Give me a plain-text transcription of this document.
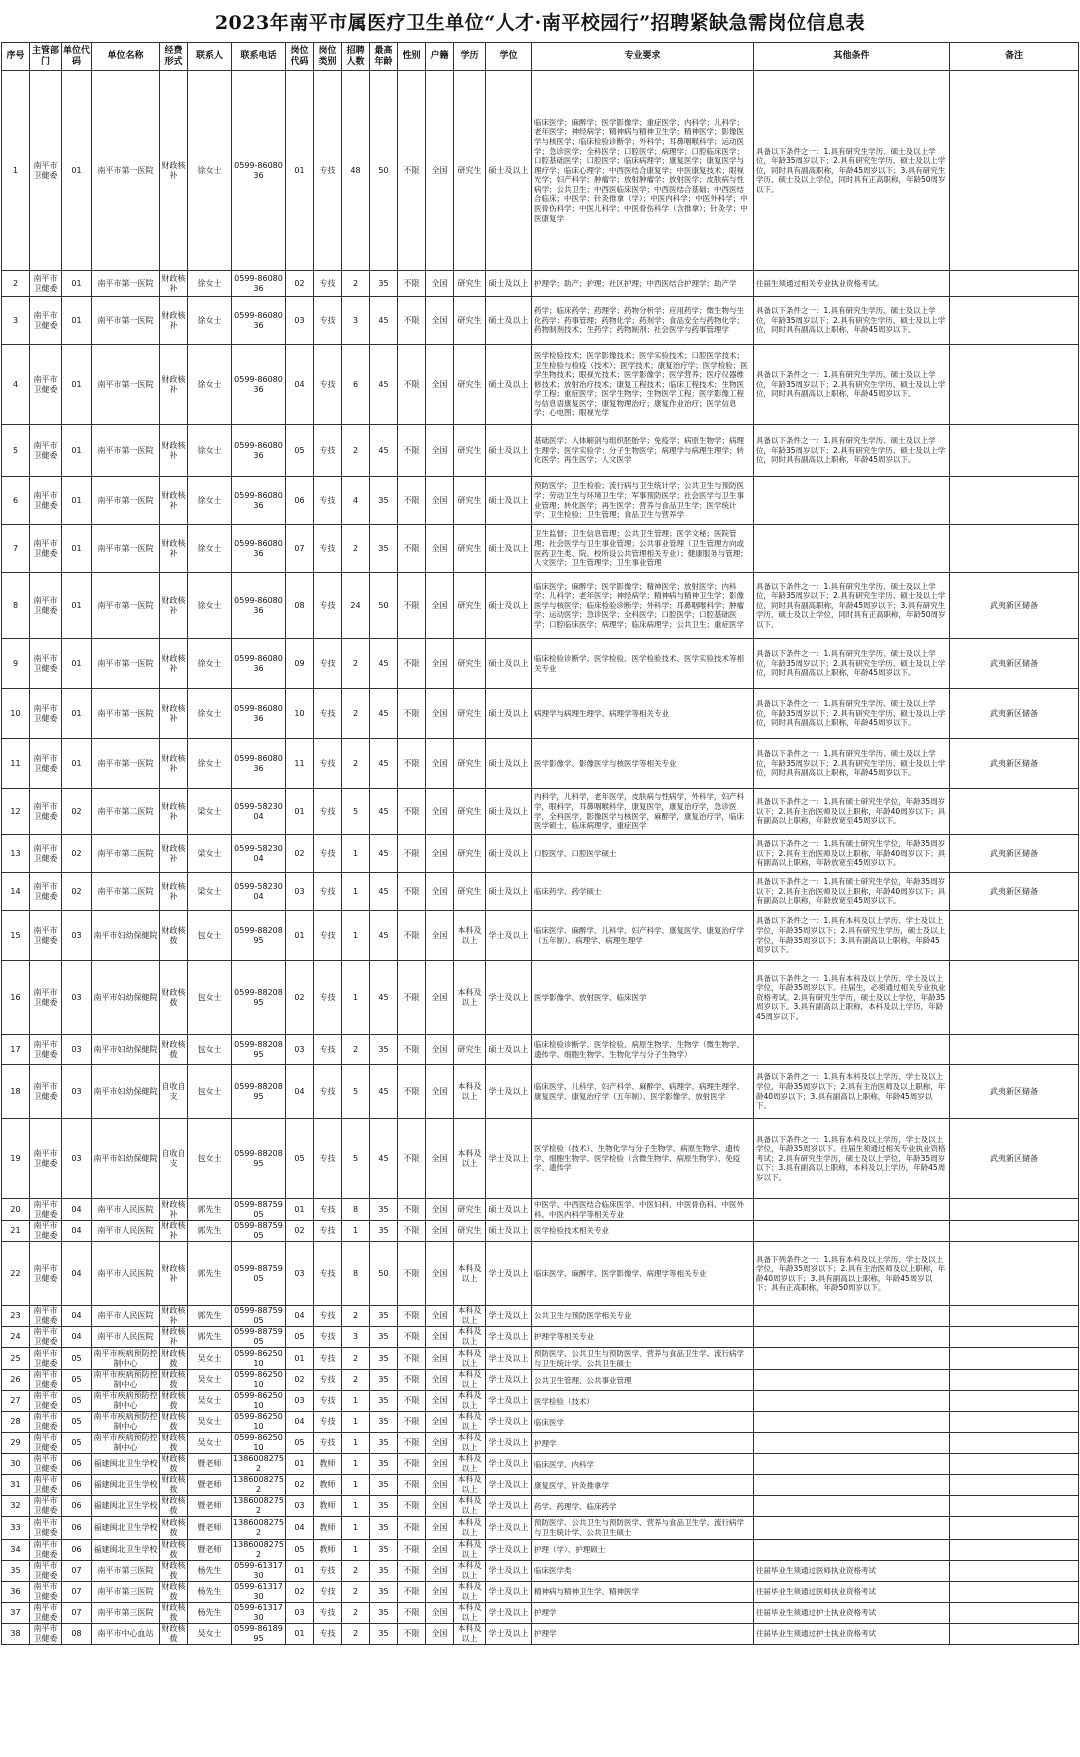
2023年南平市属医疗卫生单位“人才·南平校园行”招聘紧缺急需岗位信息表
序号	主管部门	单位代码	单位名称	经费形式	联系人	联系电话	岗位代码	岗位类别	招聘人数	最高年龄	性别	户籍	学历	学位	专业要求	其他条件	备注
1	南平市卫健委	01	南平市第一医院	财政核补	徐女士	0599-8608036	01	专技	48	50	不限	全国	研究生	硕士及以上	临床医学；麻醉学；医学影像学；重症医学；内科学；儿科学；老年医学；神经病学；精神病与精神卫生学；精神医学；影像医学与核医学；临床检验诊断学；外科学；耳鼻咽喉科学；运动医学；急诊医学；全科医学；口腔医学；病理学；口腔临床医学；口腔基础医学；口腔医学；临床病理学；康复医学；康复医学与理疗学；临床心理学；中西医结合康复学；中医康复技术；眼视光学；妇产科学；肿瘤学；放射肿瘤学；放射医学；皮肤病与性病学；公共卫生；中西医临床医学；中西医结合基础；中西医结合临床；中医学；针灸推拿（学）；中医内科学；中医外科学；中医骨伤科学；中医儿科学；中医骨伤科学（含推拿）；针灸学；中医康复学	具备以下条件之一：1.具有研究生学历、硕士及以上学位，年龄35周岁以下；2.具有研究生学历、硕士及以上学位，同时具有副高职称，年龄45周岁以下；3.具有研究生学历、硕士及以上学位，同时具有正高职称，年龄50周岁以下。	
2	南平市卫健委	01	南平市第一医院	财政核补	徐女士	0599-8608036	02	专技	2	35	不限	全国	研究生	硕士及以上	护理学；助产；护理；社区护理；中西医结合护理学；助产学	往届生须通过相关专业执业资格考试。	
3	南平市卫健委	01	南平市第一医院	财政核补	徐女士	0599-8608036	03	专技	3	45	不限	全国	研究生	硕士及以上	药学；临床药学；药理学；药物分析学；应用药学；微生物与生化药学；药事管理；药物化学；药剂学；食品安全与药物化学；药物制剂技术；生药学；药物制剂；社会医学与药事管理学	具备以下条件之一：1.具有研究生学历、硕士及以上学位，年龄35周岁以下；2.具有研究生学历、硕士及以上学位，同时具有副高以上职称，年龄45周岁以下。	
4	南平市卫健委	01	南平市第一医院	财政核补	徐女士	0599-8608036	04	专技	6	45	不限	全国	研究生	硕士及以上	医学检验技术；医学影像技术；医学实验技术；口腔医学技术；卫生检验与检疫（技术）；医学技术；康复治疗学；医学检验；医学生物技术；眼视光技术；医学影像学；医学营养；医疗仪器维修技术；放射治疗技术；康复工程技术；临床工程技术；生物医学工程；重症医学；医学生物学；生物医学工程；医学影像工程与信息语康复医学；康复物理治疗；康复作业治疗；医学信息学；心电图；眼视光学	具备以下条件之一：1.具有研究生学历、硕士及以上学位，年龄35周岁以下；2.具有研究生学历、硕士及以上学位，同时具有副高以上职称，年龄45周岁以下。	
5	南平市卫健委	01	南平市第一医院	财政核补	徐女士	0599-8608036	05	专技	2	45	不限	全国	研究生	硕士及以上	基础医学；人体解剖与组织胚胎学；免疫学；病原生物学；病理生理学；医学实验学；分子生物医学；病理学与病理生理学；转化医学；再生医学；人文医学	具备以下条件之一：1.具有研究生学历、硕士及以上学位，年龄35周岁以下；2.具有研究生学历、硕士及以上学位，同时具有副高以上职称，年龄45周岁以下。	
6	南平市卫健委	01	南平市第一医院	财政核补	徐女士	0599-8608036	06	专技	4	35	不限	全国	研究生	硕士及以上	预防医学；卫生检验；流行病与卫生统计学；公共卫生与预防医学；劳动卫生与环境卫生学；军事预防医学；社会医学与卫生事业管理；转化医学；再生医学；营养与食品卫生学；医学统计学；卫生检验；卫生管理；食品卫生与营养学		
7	南平市卫健委	01	南平市第一医院	财政核补	徐女士	0599-8608036	07	专技	2	35	不限	全国	研究生	硕士及以上	卫生监督；卫生信息管理；公共卫生管理；医学文秘；医院管理；社会医学与卫生事业管理；公共事业管理（卫生管理方向或医药卫生类、院、校所设公共管理相关专业）；健康服务与管理；人文医学；卫生管理学；卫生事业管理		
8	南平市卫健委	01	南平市第一医院	财政核补	徐女士	0599-8608036	08	专技	24	50	不限	全国	研究生	硕士及以上	临床医学；麻醉学；医学影像学；精神医学；放射医学；内科学；儿科学；老年医学；神经病学；精神病与精神卫生学；影像医学与核医学；临床检验诊断学；外科学；耳鼻咽喉科学；肿瘤学；运动医学；急诊医学；全科医学；口腔医学；口腔基础医学；口腔临床医学；病理学；临床病理学；公共卫生；重症医学	具备以下条件之一：1.具有研究生学历、硕士及以上学位，年龄35周岁以下；2.具有研究生学历、硕士及以上学位，同时具有副高职称，年龄45周岁以下；3.具有研究生学历、硕士及以上学位，同时具有正高职称，年龄50周岁以下。	武夷新区储备
9	南平市卫健委	01	南平市第一医院	财政核补	徐女士	0599-8608036	09	专技	2	45	不限	全国	研究生	硕士及以上	临床检验诊断学、医学检验、医学检验技术、医学实验技术等相关专业	具备以下条件之一：1.具有研究生学历、硕士及以上学位，年龄35周岁以下；2.具有研究生学历、硕士及以上学位，同时具有副高以上职称，年龄45周岁以下。	武夷新区储备
10	南平市卫健委	01	南平市第一医院	财政核补	徐女士	0599-8608036	10	专技	2	45	不限	全国	研究生	硕士及以上	病理学与病理生理学、病理学等相关专业	具备以下条件之一：1.具有研究生学历、硕士及以上学位，年龄35周岁以下；2.具有研究生学历、硕士及以上学位，同时具有副高以上职称，年龄45周岁以下。	武夷新区储备
11	南平市卫健委	01	南平市第一医院	财政核补	徐女士	0599-8608036	11	专技	2	45	不限	全国	研究生	硕士及以上	医学影像学、影像医学与核医学等相关专业	具备以下条件之一：1.具有研究生学历、硕士及以上学位，年龄35周岁以下；2.具有研究生学历、硕士及以上学位，同时具有副高以上职称，年龄45周岁以下。	武夷新区储备
12	南平市卫健委	02	南平市第二医院	财政核补	梁女士	0599-5823004	01	专技	5	45	不限	全国	研究生	硕士及以上	内科学，儿科学，老年医学，皮肤病与性病学，外科学，妇产科学，眼科学，耳鼻咽喉科学，康复医学，康复治疗学，急诊医学，全科医学，影像医学与核医学，麻醉学，康复治疗学，临床医学硕士，临床病理学，重症医学	具备以下条件之一：1.具有硕士研究生学位，年龄35周岁以下；2.具有主治医师及以上职称，年龄40周岁以下；具有副高以上职称，年龄放宽至45周岁以下。	
13	南平市卫健委	02	南平市第二医院	财政核补	梁女士	0599-5823004	02	专技	1	45	不限	全国	研究生	硕士及以上	口腔医学、口腔医学硕士	具备以下条件之一：1.具有硕士研究生学位，年龄35周岁以下；2.具有主治医师及以上职称，年龄40周岁以下；具有副高以上职称，年龄放宽至45周岁以下。	武夷新区储备
14	南平市卫健委	02	南平市第二医院	财政核补	梁女士	0599-5823004	03	专技	1	45	不限	全国	研究生	硕士及以上	临床药学、药学硕士	具备以下条件之一：1.具有硕士研究生学位，年龄35周岁以下；2.具有主治医师及以上职称，年龄40周岁以下；具有副高以上职称，年龄放宽至45周岁以下。	武夷新区储备
15	南平市卫健委	03	南平市妇幼保健院	财政核拨	包女士	0599-8820895	01	专技	1	45	不限	全国	本科及以上	学士及以上	临床医学、麻醉学、儿科学、妇产科学、康复医学、康复治疗学（五年制）、病理学、病理生理学	具备以下条件之一：1.具有本科及以上学历、学士及以上学位，年龄35周岁以下；2.具有研究生学历，硕士及以上学位，年龄35周岁以下；3.具有副高以上职称，年龄45周岁以下。	
16	南平市卫健委	03	南平市妇幼保健院	财政核拨	包女士	0599-8820895	02	专技	1	45	不限	全国	本科及以上	学士及以上	医学影像学、放射医学、临床医学	具备以下条件之一：1.具有本科及以上学历、学士及以上学位，年龄35周岁以下。往届生，必须通过相关专业执业资格考试。2.具有研究生学历，硕士及以上学位，年龄35周岁以下。3.具有副高以上职称，本科及以上学历，年龄45周岁以下。	
17	南平市卫健委	03	南平市妇幼保健院	财政核拨	包女士	0599-8820895	03	专技	2	35	不限	全国	研究生	硕士及以上	临床检验诊断学、医学检验、病原生物学、生物学（微生物学、遗传学、细胞生物学、生物化学与分子生物学）		
18	南平市卫健委	03	南平市妇幼保健院	自收自支	包女士	0599-8820895	04	专技	5	45	不限	全国	本科及以上	学士及以上	临床医学、儿科学、妇产科学、麻醉学、病理学、病理生理学、康复医学、康复治疗学（五年制）、医学影像学、放射医学	具备以下条件之一：1.具有本科及以上学历、学士及以上学位，年龄35周岁以下；2.具有主治医师及以上职称，年龄40周岁以下；3.具有副高以上职称，年龄45周岁以下。	武夷新区储备
19	南平市卫健委	03	南平市妇幼保健院	自收自支	包女士	0599-8820895	05	专技	5	45	不限	全国	本科及以上	学士及以上	医学检验（技术）、生物化学与分子生物学、病原生物学、遗传学、细胞生物学、医学检验（含微生物学、病原生物学）、免疫学、遗传学	具备以下条件之一：1.具有本科及以上学历，学士及以上学位，年龄35周岁以下。往届生须通过相关专业执业资格考试；2.具有研究生学历，硕士及以上学位，年龄35周岁以下；3.具有副高以上职称，本科及以上学历，年龄45周岁以下。	武夷新区储备
20	南平市卫健委	04	南平市人民医院	财政核补	郭先生	0599-8875905	01	专技	8	35	不限	全国	研究生	硕士及以上	中医学、中西医结合临床医学、中医妇科、中医骨伤科、中医外科、中医内科学等相关专业		
21	南平市卫健委	04	南平市人民医院	财政核补	郭先生	0599-8875905	02	专技	1	35	不限	全国	研究生	硕士及以上	医学检验技术相关专业		
22	南平市卫健委	04	南平市人民医院	财政核补	郭先生	0599-8875905	03	专技	8	50	不限	全国	本科及以上	学士及以上	临床医学、麻醉学、医学影像学、病理学等相关专业	具备下列条件之一：1.具有本科及以上学历、学士及以上学位，年龄35周岁以下；2.具有主治医师及以上职称，年龄40周岁以下；3.具有副高以上职称，年龄45周岁以下；具有正高职称，年龄50周岁以下。	
23	南平市卫健委	04	南平市人民医院	财政核补	郭先生	0599-8875905	04	专技	2	35	不限	全国	本科及以上	学士及以上	公共卫生与预防医学相关专业		
24	南平市卫健委	04	南平市人民医院	财政核补	郭先生	0599-8875905	05	专技	3	35	不限	全国	本科及以上	学士及以上	护理学等相关专业		
25	南平市卫健委	05	南平市疾病预防控制中心	财政核拨	吴女士	0599-8625010	01	专技	2	35	不限	全国	本科及以上	学士及以上	预防医学、公共卫生与预防医学、营养与食品卫生学、流行病学与卫生统计学、公共卫生硕士		
26	南平市卫健委	05	南平市疾病预防控制中心	财政核拨	吴女士	0599-8625010	02	专技	2	35	不限	全国	本科及以上	学士及以上	公共卫生管理、公共事业管理		
27	南平市卫健委	05	南平市疾病预防控制中心	财政核拨	吴女士	0599-8625010	03	专技	1	35	不限	全国	本科及以上	学士及以上	医学检验（技术）		
28	南平市卫健委	05	南平市疾病预防控制中心	财政核拨	吴女士	0599-8625010	04	专技	1	35	不限	全国	本科及以上	学士及以上	临床医学		
29	南平市卫健委	05	南平市疾病预防控制中心	财政核拨	吴女士	0599-8625010	05	专技	1	35	不限	全国	本科及以上	学士及以上	护理学		
30	南平市卫健委	06	福建闽北卫生学校	财政核拨	暨老师	13860082752	01	教师	1	35	不限	全国	本科及以上	学士及以上	临床医学、内科学		
31	南平市卫健委	06	福建闽北卫生学校	财政核拨	暨老师	13860082752	02	教师	1	35	不限	全国	本科及以上	学士及以上	康复医学、针灸推拿学		
32	南平市卫健委	06	福建闽北卫生学校	财政核拨	暨老师	13860082752	03	教师	1	35	不限	全国	本科及以上	学士及以上	药学、药理学、临床药学		
33	南平市卫健委	06	福建闽北卫生学校	财政核拨	暨老师	13860082752	04	教师	1	35	不限	全国	本科及以上	学士及以上	预防医学、公共卫生与预防医学、营养与食品卫生学、流行病学与卫生统计学、公共卫生硕士		
34	南平市卫健委	06	福建闽北卫生学校	财政核拨	暨老师	13860082752	05	教师	1	35	不限	全国	本科及以上	学士及以上	护理（学）、护理硕士		
35	南平市卫健委	07	南平市第三医院	财政核拨	杨先生	0599-6131730	01	专技	2	35	不限	全国	本科及以上	学士及以上	临床医学类	往届毕业生须通过医师执业资格考试	
36	南平市卫健委	07	南平市第三医院	财政核拨	杨先生	0599-6131730	02	专技	2	35	不限	全国	本科及以上	学士及以上	精神病与精神卫生学、精神医学	往届毕业生须通过医师执业资格考试	
37	南平市卫健委	07	南平市第三医院	财政核拨	杨先生	0599-6131730	03	专技	2	35	不限	全国	本科及以上	学士及以上	护理学	往届毕业生须通过护士执业资格考试	
38	南平市卫健委	08	南平市中心血站	财政核拨	吴女士	0599-8618995	01	专技	2	35	不限	全国	本科及以上	学士及以上	护理学	往届毕业生须通过护士执业资格考试	
